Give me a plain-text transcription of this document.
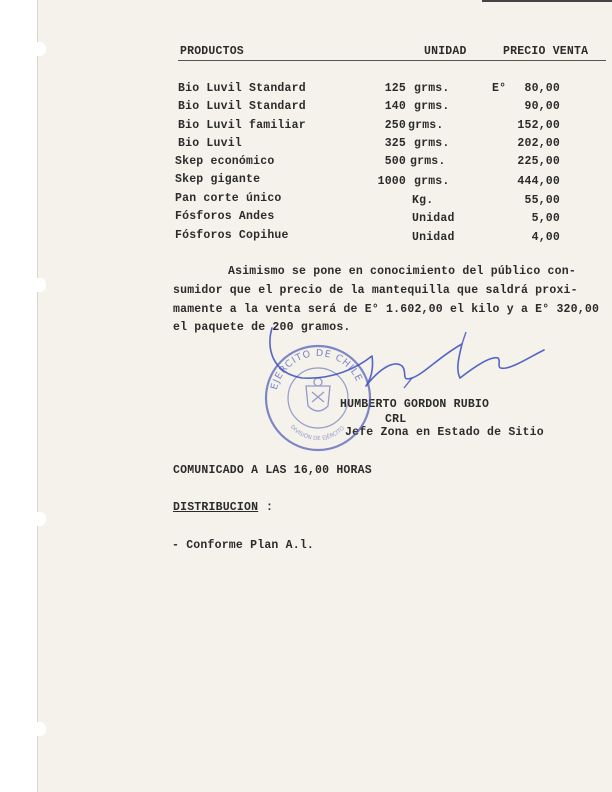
PRODUCTOS	UNIDAD	PRECIO VENTA
Bio Luvil Standard	125 grms.	E°	80,00
Bio Luvil Standard	140 grms.	90,00
Bio Luvil familiar	250 grms.	152,00
Bio Luvil	325 grms.	202,00
Skep económico	500 grms.	225,00
Skep gigante	1000 grms.	444,00
Pan corte único	Kg.	55,00
Fósforos Andes	Unidad	5,00
Fósforos Copihue	Unidad	4,00
Asimismo se pone en conocimiento del público con-
sumidor que el precio de la mantequilla que saldrá proxi-
mamente a la venta será de E° 1.602,00 el kilo y a E° 320,00
el paquete de 200 gramos.
HUMBERTO GORDON RUBIO
CRL
Jefe Zona en Estado de Sitio
EJERCITO DE CHILE
DIVISIÓN DE EJÉRCITO
COMUNICADO A LAS 16,00 HORAS
DISTRIBUCION :
- Conforme Plan A.l.
